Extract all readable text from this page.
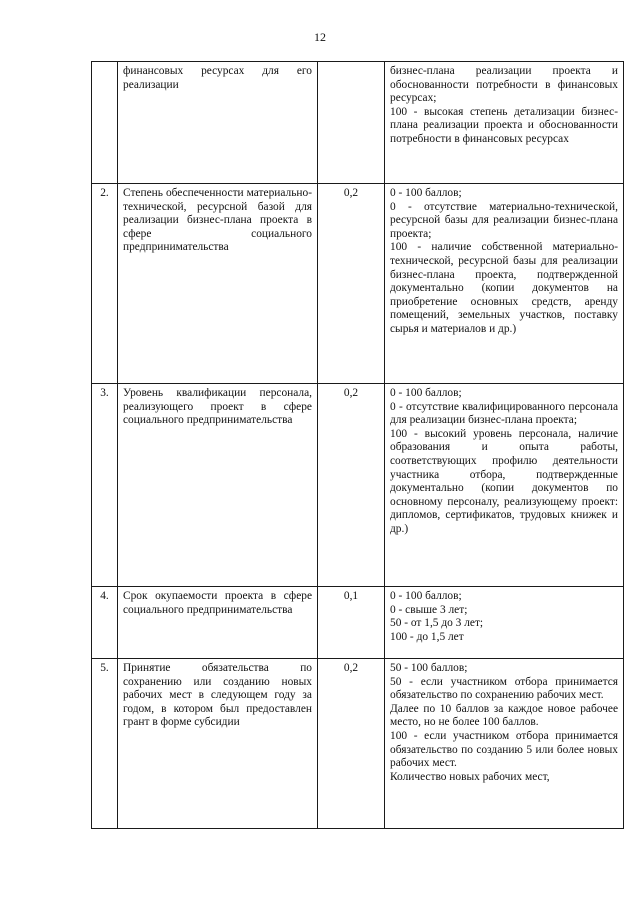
12
	финансовых ресурсах для его реализации		бизнес-плана реализации проекта и обоснованности потребности в финансовых ресурсах;
100 - высокая степень детализации бизнес-плана реализации проекта и обоснованности потребности в финансовых ресурсах

2.	Степень обеспеченности материально-технической, ресурсной базой для реализации бизнес-плана проекта в сфере социального предпринимательства	0,2	0 - 100 баллов;
0 - отсутствие материально-технической, ресурсной базы для реализации бизнес-плана проекта;
100 - наличие собственной материально-технической, ресурсной базы для реализации бизнес-плана проекта, подтвержденной документально (копии документов на приобретение основных средств, аренду помещений, земельных участков, поставку сырья и материалов и др.)

3.	Уровень квалификации персонала, реализующего проект в сфере социального предпринимательства	0,2	0 - 100 баллов;
0 - отсутствие квалифицированного персонала для реализации бизнес-плана проекта;
100 - высокий уровень персонала, наличие образования и опыта работы, соответствующих профилю деятельности участника отбора, подтвержденные документально (копии документов по основному персоналу, реализующему проект: дипломов, сертификатов, трудовых книжек и др.)

4.	Срок окупаемости проекта в сфере социального предпринимательства	0,1	0 - 100 баллов;
0 - свыше 3 лет;
50 - от 1,5 до 3 лет;
100 - до 1,5 лет

5.	Принятие обязательства по сохранению или созданию новых рабочих мест в следующем году за годом, в котором был предоставлен грант в форме субсидии	0,2	50 - 100 баллов;
50 - если участником отбора принимается обязательство по сохранению рабочих мест.
Далее по 10 баллов за каждое новое рабочее место, но не более 100 баллов.
100 - если участником отбора принимается обязательство по созданию 5 или более новых рабочих мест.
Количество новых рабочих мест,
